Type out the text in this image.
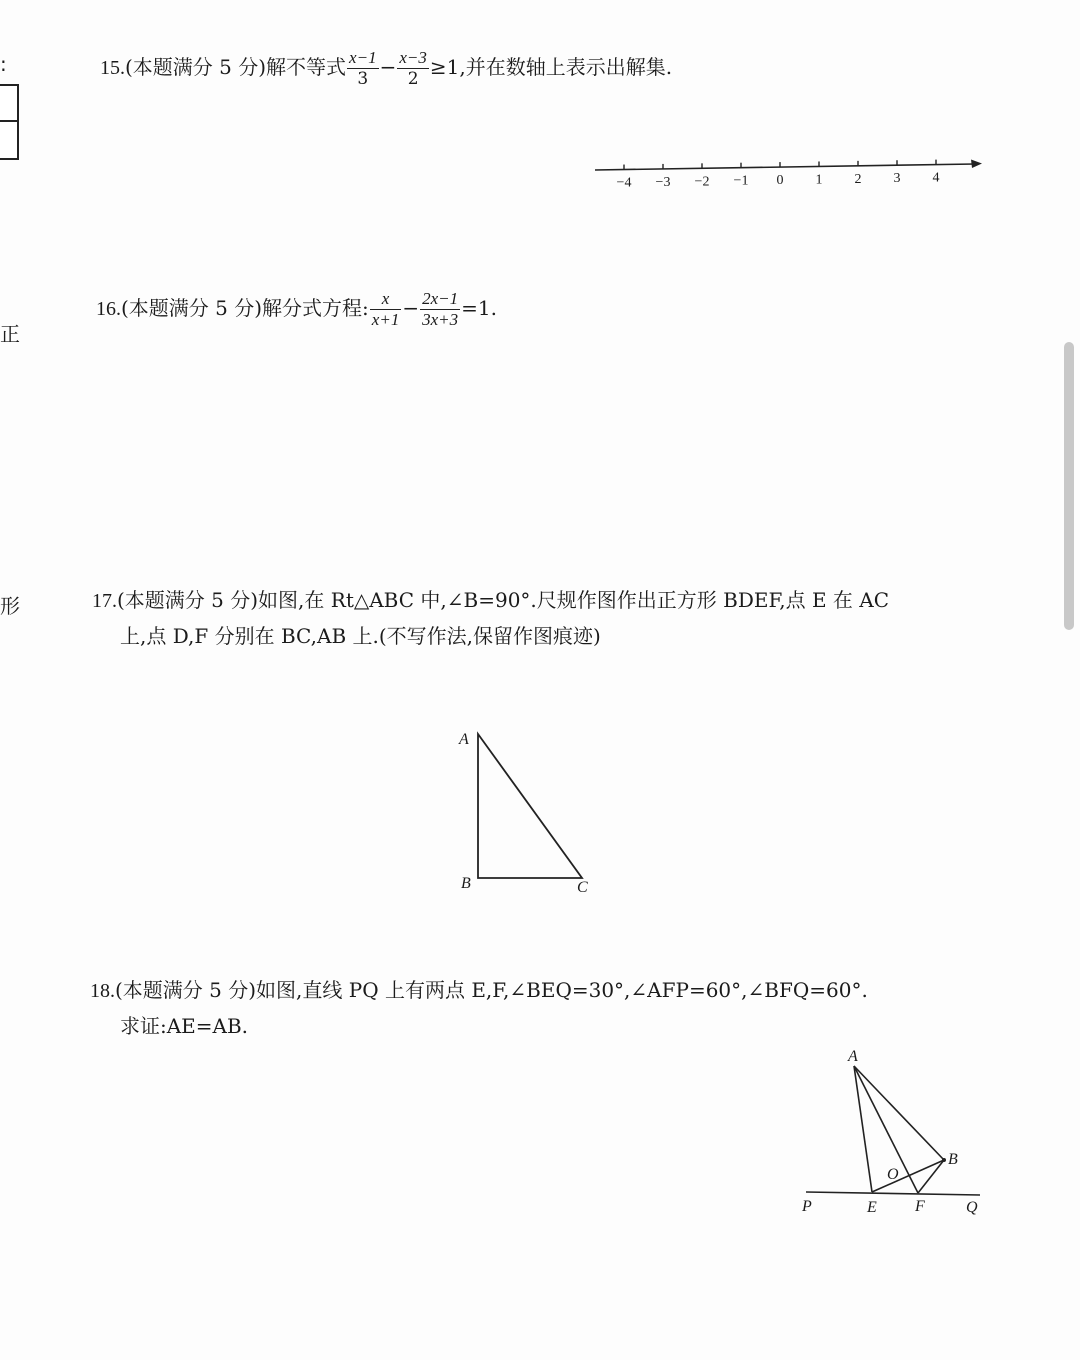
:
正
形
15.(本题满分 5 分)解不等式 $\frac{x-1}{3} - \frac{x-3}{2} \ge 1$,并在数轴上表示出解集.
−4 −3 −2 −1 0 1 2 3 4
16.(本题满分 5 分)解分式方程: $\frac{x}{x+1} - \frac{2x-1}{3x+3} =1$.
17.(本题满分 5 分)如图,在 Rt△ABC 中,∠B=90°.尺规作图作出正方形 BDEF,点 E 在 AC
上,点 D,F 分别在 BC,AB 上.(不写作法,保留作图痕迹)
A
B	C
18.(本题满分 5 分)如图,直线 PQ 上有两点 E,F,∠BEQ=30°,∠AFP=60°,∠BFQ=60°.
求证:AE=AB.
A
B
O
P	E F	Q
